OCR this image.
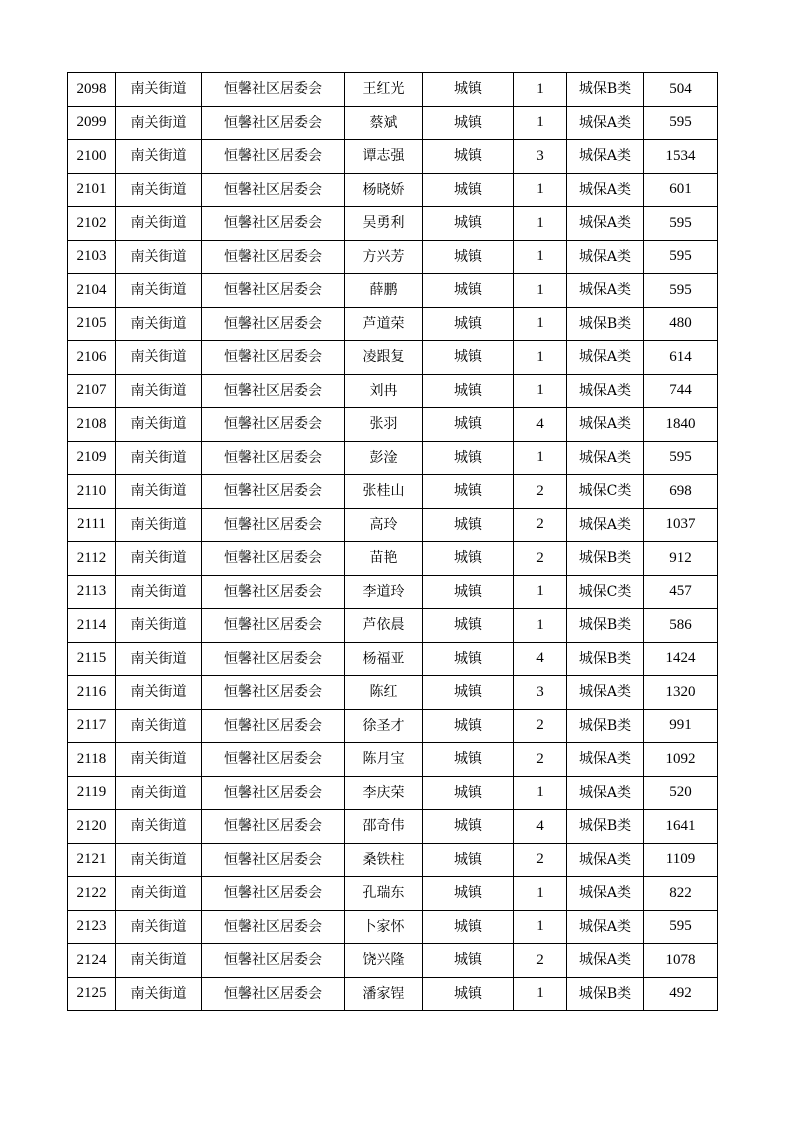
2098	南关街道	恒馨社区居委会	王红光	城镇	1	城保B类	504
2099	南关街道	恒馨社区居委会	蔡斌	城镇	1	城保A类	595
2100	南关街道	恒馨社区居委会	谭志强	城镇	3	城保A类	1534
2101	南关街道	恒馨社区居委会	杨晓娇	城镇	1	城保A类	601
2102	南关街道	恒馨社区居委会	吴勇利	城镇	1	城保A类	595
2103	南关街道	恒馨社区居委会	方兴芳	城镇	1	城保A类	595
2104	南关街道	恒馨社区居委会	薛鹏	城镇	1	城保A类	595
2105	南关街道	恒馨社区居委会	芦道荣	城镇	1	城保B类	480
2106	南关街道	恒馨社区居委会	凌跟复	城镇	1	城保A类	614
2107	南关街道	恒馨社区居委会	刘冉	城镇	1	城保A类	744
2108	南关街道	恒馨社区居委会	张羽	城镇	4	城保A类	1840
2109	南关街道	恒馨社区居委会	彭淦	城镇	1	城保A类	595
2110	南关街道	恒馨社区居委会	张桂山	城镇	2	城保C类	698
2111	南关街道	恒馨社区居委会	高玲	城镇	2	城保A类	1037
2112	南关街道	恒馨社区居委会	苗艳	城镇	2	城保B类	912
2113	南关街道	恒馨社区居委会	李道玲	城镇	1	城保C类	457
2114	南关街道	恒馨社区居委会	芦依晨	城镇	1	城保B类	586
2115	南关街道	恒馨社区居委会	杨福亚	城镇	4	城保B类	1424
2116	南关街道	恒馨社区居委会	陈红	城镇	3	城保A类	1320
2117	南关街道	恒馨社区居委会	徐圣才	城镇	2	城保B类	991
2118	南关街道	恒馨社区居委会	陈月宝	城镇	2	城保A类	1092
2119	南关街道	恒馨社区居委会	李庆荣	城镇	1	城保A类	520
2120	南关街道	恒馨社区居委会	邵奇伟	城镇	4	城保B类	1641
2121	南关街道	恒馨社区居委会	桑铁柱	城镇	2	城保A类	1109
2122	南关街道	恒馨社区居委会	孔瑞东	城镇	1	城保A类	822
2123	南关街道	恒馨社区居委会	卜家怀	城镇	1	城保A类	595
2124	南关街道	恒馨社区居委会	饶兴隆	城镇	2	城保A类	1078
2125	南关街道	恒馨社区居委会	潘家锃	城镇	1	城保B类	492
